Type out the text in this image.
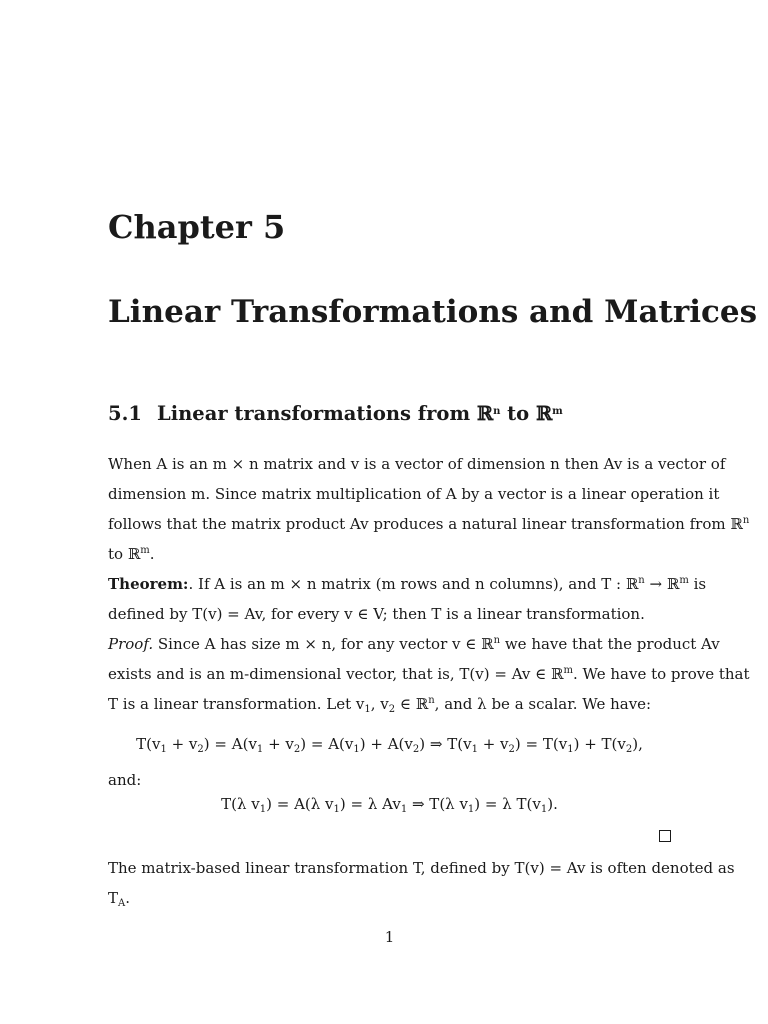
Chapter 5
Linear Transformations and Matrices
5.1 Linear transformations from ℝ$^n$ to ℝ$^m$
When A is an m × n matrix and v is a vector of dimension n then Av is a vector of
dimension m. Since matrix multiplication of A by a vector is a linear operation it
follows that the matrix product Av produces a natural linear transformation from ℝ$^n$
to ℝ$^m$.
Theorem:. If A is an m × n matrix (m rows and n columns), and T : ℝ$^n$ → ℝ$^m$ is
defined by T(v) = Av, for every v ∈ V; then T is a linear transformation.
Proof. Since A has size m × n, for any vector v ∈ ℝ$^n$ we have that the product Av
exists and is an m-dimensional vector, that is, T(v) = Av ∈ ℝ$^m$. We have to prove that
T is a linear transformation. Let $v_1$, $v_2$ ∈ ℝ$^n$, and λ be a scalar. We have:
$T(v_1 + v_2) = A(v_1 + v_2) = A(v_1) + A(v_2)$ ⇒ $T(v_1 + v_2) = T(v_1) + T(v_2)$,
and:
T(λ $v_1) = A(\lambda$ $v_1) = \lambda$ $Av_1$ ⇒ T(λ $v_1) = \lambda$ $T(v_1)$.
The matrix-based linear transformation T, defined by T(v) = Av is often denoted as
$T_A$.
1
